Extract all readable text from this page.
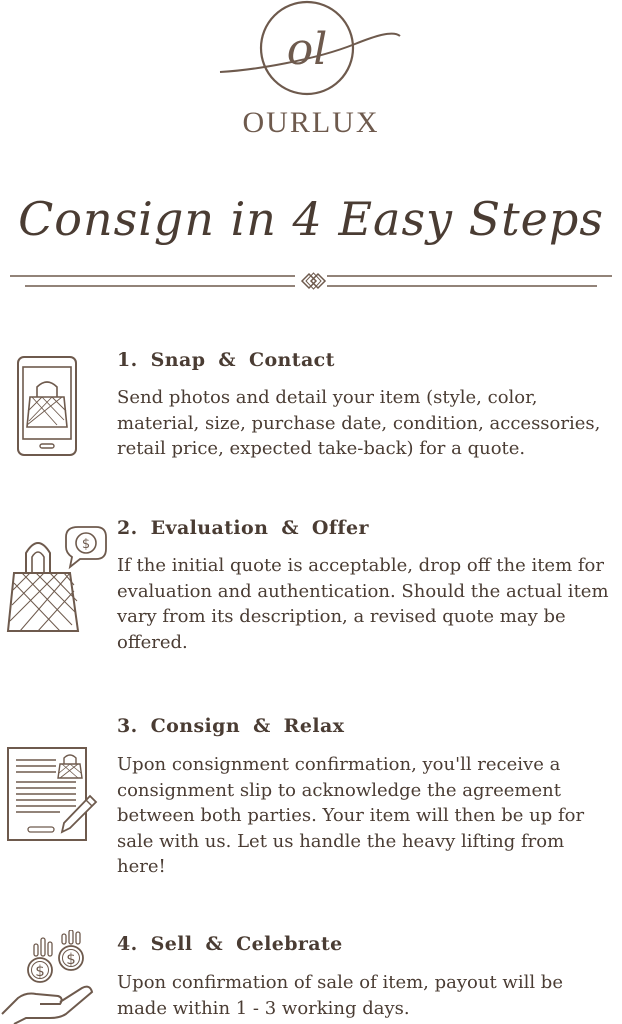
ol
OURLUX
Consign in 4 Easy Steps
1. Snap & Contact

Send photos and detail your item (style, color, material, size, purchase date, condition, accessories, retail price, expected take-back) for a quote.

$
2. Evaluation & Offer

If the initial quote is acceptable, drop off the item for evaluation and authentication. Should the actual item vary from its description, a revised quote may be offered.

3. Consign & Relax

Upon consignment confirmation, you'll receive a consignment slip to acknowledge the agreement between both parties. Your item will then be up for sale with us. Let us handle the heavy lifting from here!

$
$
4. Sell & Celebrate

Upon confirmation of sale of item, payout will be made within 1 - 3 working days.
